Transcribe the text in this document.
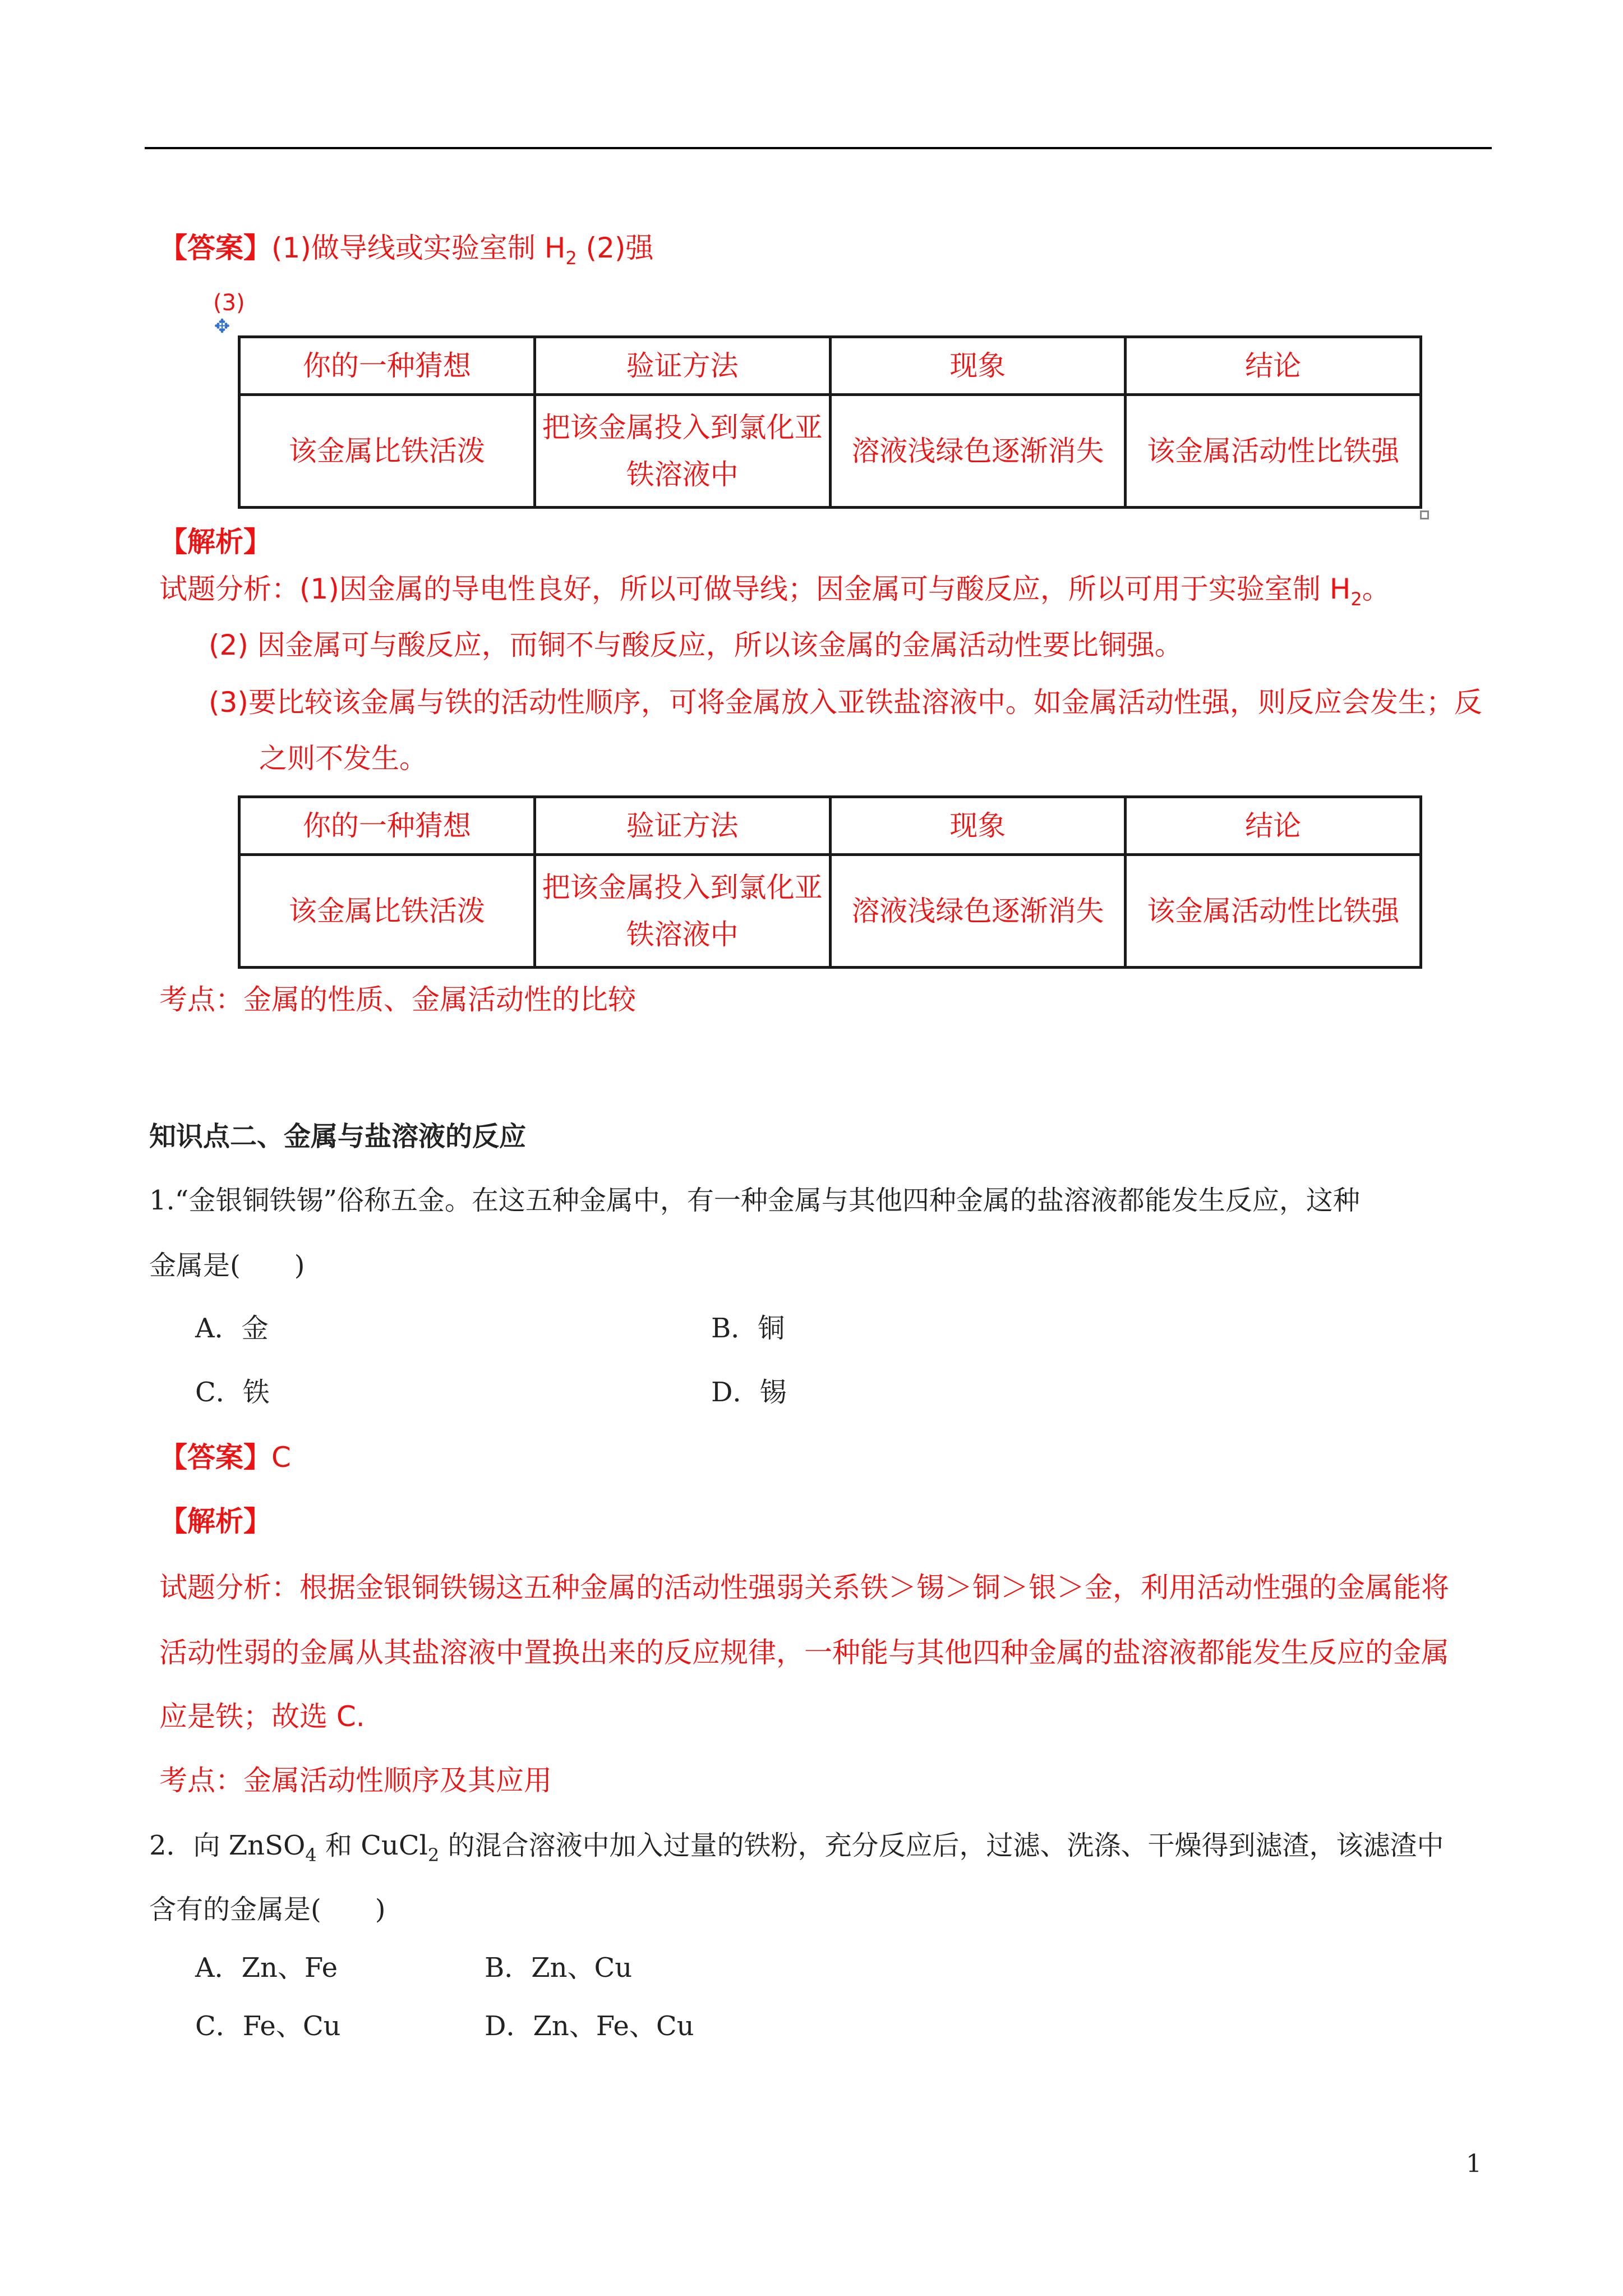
【答案】(1)做导线或实验室制 $H_2$ (2)强
(3)
✥
你的一种猜想	验证方法	现象	结论
该金属比铁活泼	把该金属投入到氯化亚铁溶液中	溶液浅绿色逐渐消失	该金属活动性比铁强
【解析】
试题分析：(1)因金属的导电性良好，所以可做导线；因金属可与酸反应，所以可用于实验室制 $H_2$。
(2) 因金属可与酸反应，而铜不与酸反应，所以该金属的金属活动性要比铜强。
(3)要比较该金属与铁的活动性顺序，可将金属放入亚铁盐溶液中。如金属活动性强，则反应会发生；反
之则不发生。
你的一种猜想	验证方法	现象	结论
该金属比铁活泼	把该金属投入到氯化亚铁溶液中	溶液浅绿色逐渐消失	该金属活动性比铁强
考点：金属的性质、金属活动性的比较
知识点二、金属与盐溶液的反应
1.“金银铜铁锡”俗称五金。在这五种金属中，有一种金属与其他四种金属的盐溶液都能发生反应，这种
金属是(　　)
A．金	B．铜
C．铁	D．锡
【答案】C
【解析】
试题分析：根据金银铜铁锡这五种金属的活动性强弱关系铁＞锡＞铜＞银＞金，利用活动性强的金属能将
活动性弱的金属从其盐溶液中置换出来的反应规律，一种能与其他四种金属的盐溶液都能发生反应的金属
应是铁；故选 C.
考点：金属活动性顺序及其应用
2．向 ZnSO$_4$ 和 CuCl$_2$ 的混合溶液中加入过量的铁粉，充分反应后，过滤、洗涤、干燥得到滤渣，该滤渣中
含有的金属是(　　)
A．Zn、Fe	B．Zn、Cu
C．Fe、Cu	D．Zn、Fe、Cu
1
